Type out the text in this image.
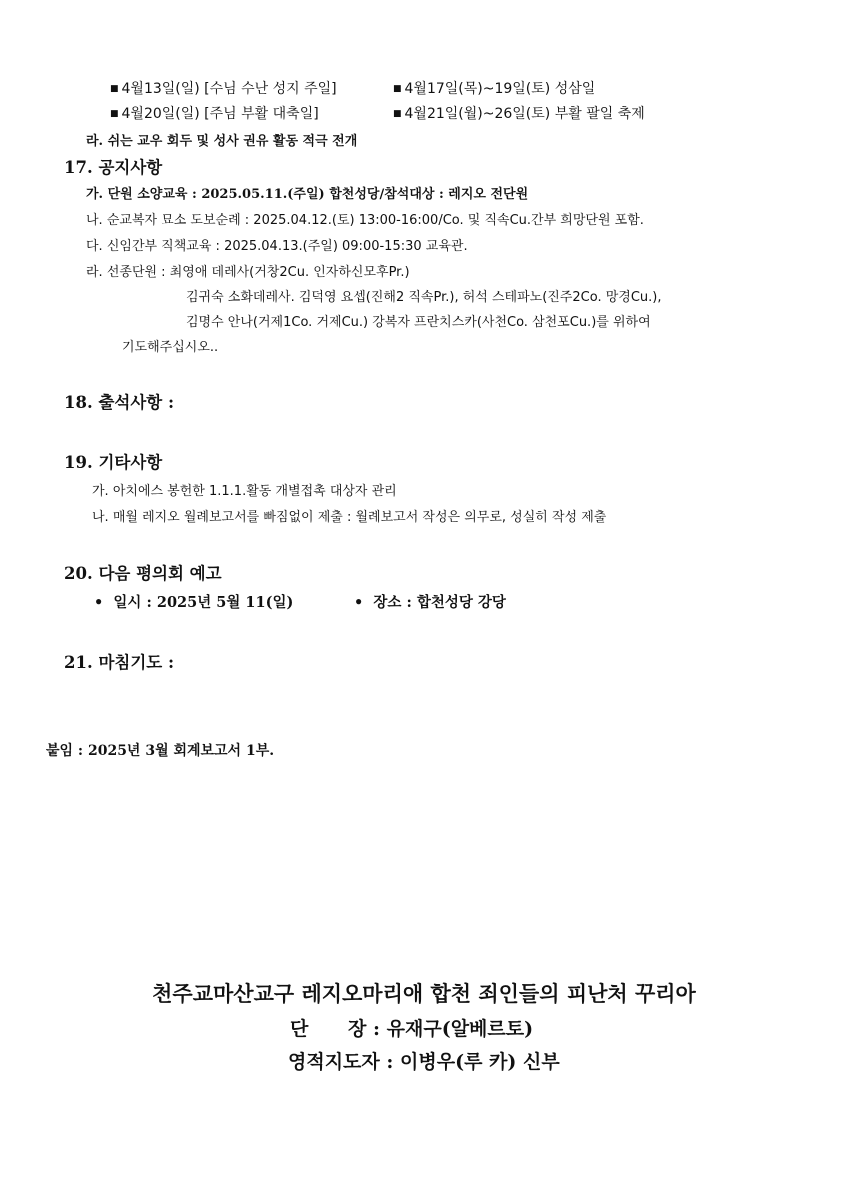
■ 4월13일(일) [수님 수난 성지 주일]	■ 4월17일(목)~19일(토) 성삼일
■ 4월20일(일) [주님 부활 대축일]	■ 4월21일(월)~26일(토) 부활 팔일 축제
라. 쉬는 교우 회두 및 성사 권유 활동 적극 전개
17. 공지사항
가. 단원 소양교육 : 2025.05.11.(주일) 합천성당/참석대상 : 레지오 전단원
나. 순교복자 묘소 도보순례 : 2025.04.12.(토) 13:00-16:00/Co. 및 직속Cu.간부 희망단원 포함.
다. 신임간부 직책교육 : 2025.04.13.(주일) 09:00-15:30 교육관.
라. 선종단원 : 최영애 데레사(거창2Cu. 인자하신모후Pr.)
김귀숙 소화데레사. 김덕영 요셉(진해2 직속Pr.), 허석 스테파노(진주2Co. 망경Cu.),
김명수 안나(거제1Co. 거제Cu.) 강복자 프란치스카(사천Co. 삼천포Cu.)를 위하여
기도해주십시오..
18. 출석사항 :
19. 기타사항
가. 아치에스 봉헌한 1.1.1.활동 개별접촉 대상자 관리
나. 매월 레지오 월례보고서를 빠짐없이 제출 : 월례보고서 작성은 의무로, 성실히 작성 제출
20. 다음 평의회 예고
• 일시 : 2025년 5월 11(일)	• 장소 : 합천성당 강당
21. 마침기도 :
붙임 : 2025년 3월 회계보고서 1부.
천주교마산교구 레지오마리애 합천 죄인들의 피난처 꾸리아
단      장 : 유재구(알베르토)
영적지도자 : 이병우(루 카) 신부
